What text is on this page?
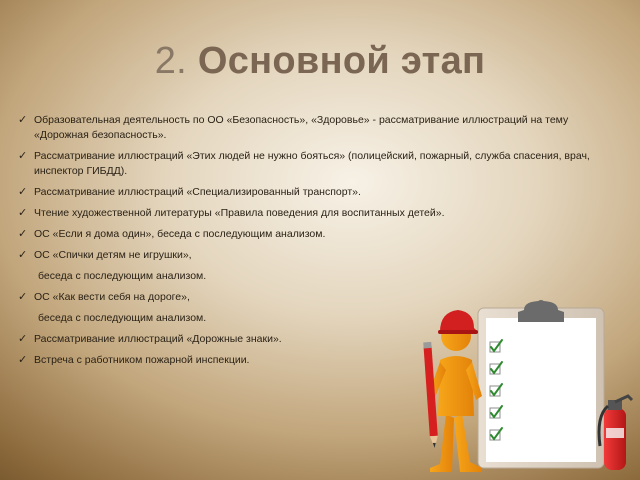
2. Основной этап
✓ Образовательная деятельность по ОО «Безопасность», «Здоровье» - рассматривание иллюстраций на тему «Дорожная безопасность».
✓ Рассматривание иллюстраций «Этих людей не нужно бояться» (полицейский, пожарный, служба спасения, врач, инспектор ГИБДД).
✓ Рассматривание иллюстраций «Специализированный транспорт».
✓ Чтение художественной литературы «Правила поведения для воспитанных детей».
✓ ОС «Если я дома один», беседа с последующим анализом.
✓ ОС «Спички детям не игрушки»,
беседа с последующим анализом.
✓ ОС «Как вести себя на дороге»,
беседа с последующим анализом.
✓ Рассматривание иллюстраций «Дорожные знаки».
✓ Встреча с работником пожарной инспекции.
